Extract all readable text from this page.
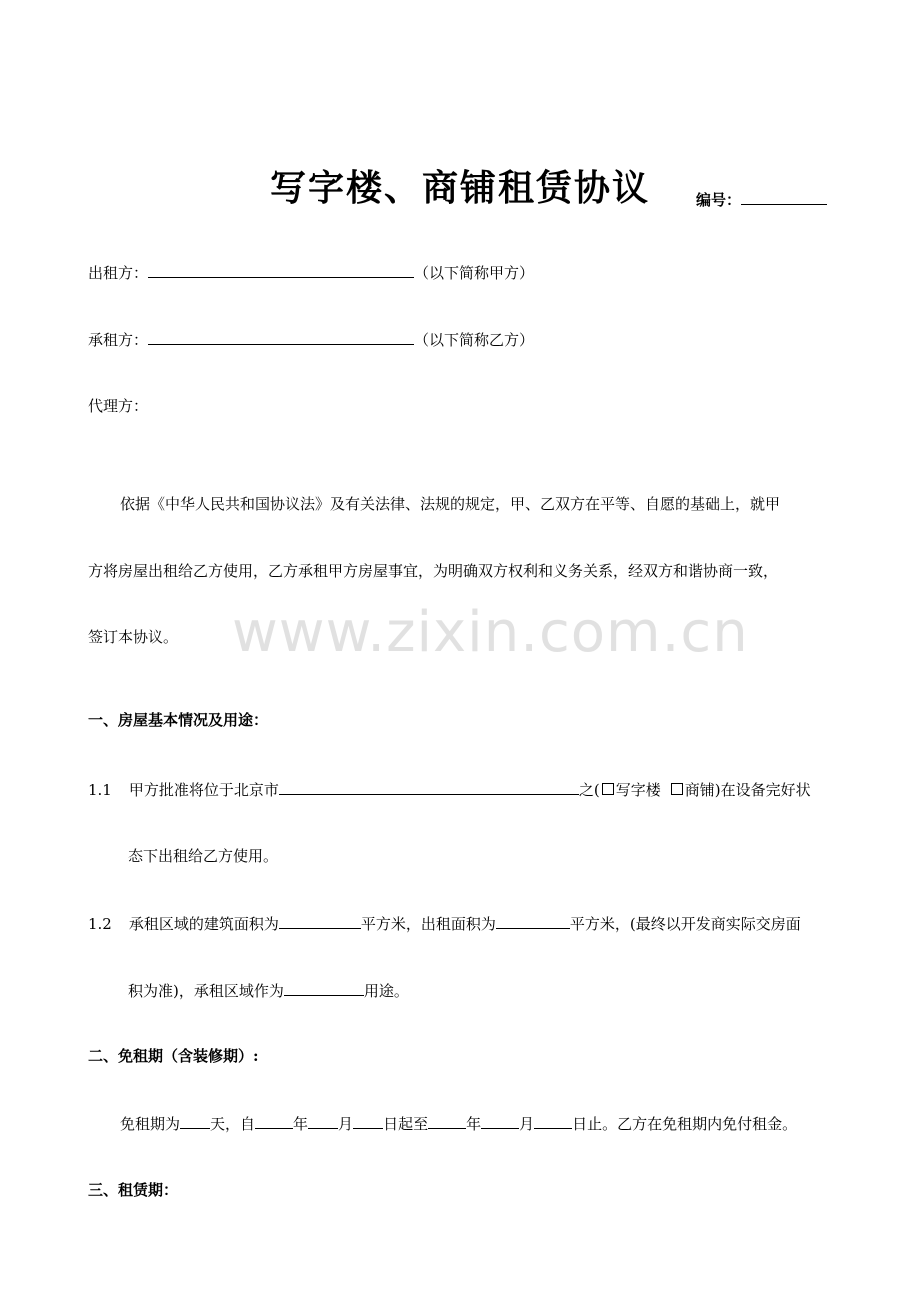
写字楼、商铺租赁协议	编号：
出租方：	（以下简称甲方）
承租方：	（以下简称乙方）
代理方：
依据《中华人民共和国协议法》及有关法律、法规的规定，甲、乙双方在平等、自愿的基础上，就甲
方将房屋出租给乙方使用，乙方承租甲方房屋事宜，为明确双方权利和义务关系，经双方和谐协商一致，
签订本协议。 www.zixin.com.cn
一、房屋基本情况及用途：
1.1 甲方批准将位于北京市	之( 写字楼 商铺)在设备完好状
态下出租给乙方使用。
1.2 承租区域的建筑面积为	平方米，出租面积为	平方米，(最终以开发商实际交房面
积为准)，承租区域作为	用途。
二、免租期（含装修期）:
免租期为 天，自	年 月 日起至	年	月	日止。乙方在免租期内免付租金。
三、租赁期：
